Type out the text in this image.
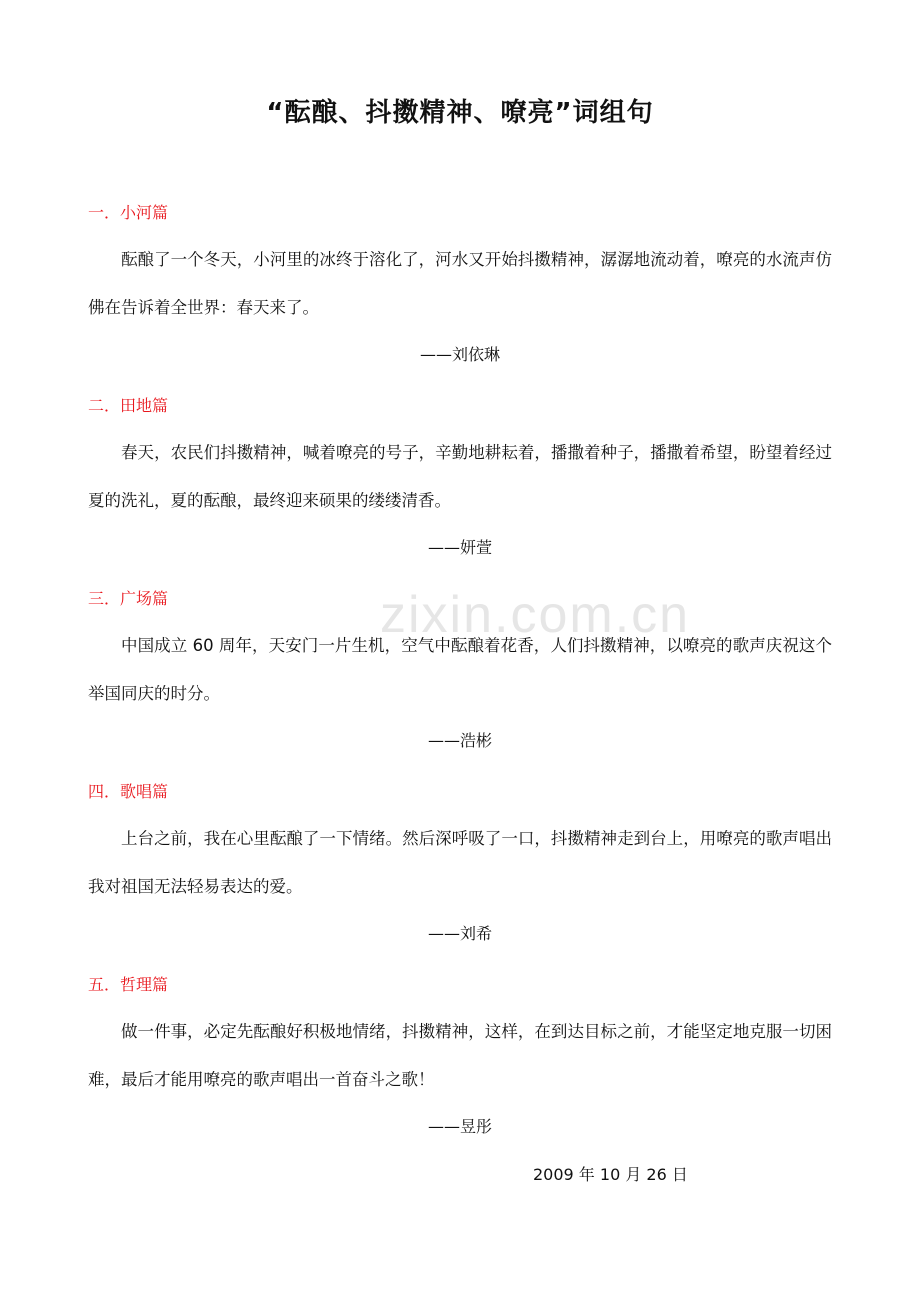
zixin.com.cn
“酝酿、抖擞精神、嘹亮”词组句
一．小河篇
酝酿了一个冬天，小河里的冰终于溶化了，河水又开始抖擞精神，潺潺地流动着，嘹亮的水流声仿佛在告诉着全世界：春天来了。
——刘依琳
二．田地篇
春天，农民们抖擞精神，喊着嘹亮的号子，辛勤地耕耘着，播撒着种子，播撒着希望，盼望着经过夏的洗礼，夏的酝酿，最终迎来硕果的缕缕清香。
——妍萱
三．广场篇
中国成立 60 周年，天安门一片生机，空气中酝酿着花香，人们抖擞精神，以嘹亮的歌声庆祝这个举国同庆的时分。
——浩彬
四．歌唱篇
上台之前，我在心里酝酿了一下情绪。然后深呼吸了一口，抖擞精神走到台上，用嘹亮的歌声唱出我对祖国无法轻易表达的爱。
——刘希
五．哲理篇
做一件事，必定先酝酿好积极地情绪，抖擞精神，这样，在到达目标之前，才能坚定地克服一切困难，最后才能用嘹亮的歌声唱出一首奋斗之歌！
——昱彤
2009 年 10 月 26 日
